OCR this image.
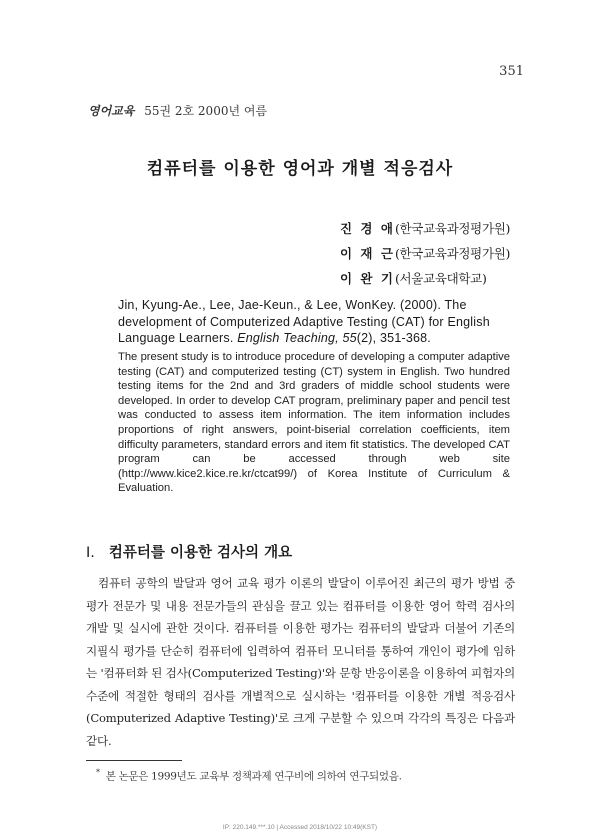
351
영어교육 55권 2호 2000년 여름
컴퓨터를 이용한 영어과 개별 적응검사
진 경 애(한국교육과정평가원)
이 재 근(한국교육과정평가원)
이 완 기(서울교육대학교)
Jin, Kyung-Ae., Lee, Jae-Keun., & Lee, WonKey. (2000). The development of Computerized Adaptive Testing (CAT) for English Language Learners. English Teaching, 55(2), 351-368.
The present study is to introduce procedure of developing a computer adaptive testing (CAT) and computerized testing (CT) system in English. Two hundred testing items for the 2nd and 3rd graders of middle school students were developed. In order to develop CAT program, preliminary paper and pencil test was conducted to assess item information. The item information includes proportions of right answers, point-biserial correlation coefficients, item difficulty parameters, standard errors and item fit statistics. The developed CAT program can be accessed through web site (http://www.kice2.kice.re.kr/ctcat99/) of Korea Institute of Curriculum & Evaluation.
I. 컴퓨터를 이용한 검사의 개요

컴퓨터 공학의 발달과 영어 교육 평가 이론의 발달이 이루어진 최근의 평가 방법 중 평가 전문가 및 내용 전문가들의 관심을 끌고 있는 컴퓨터를 이용한 영어 학력 검사의 개발 및 실시에 관한 것이다. 컴퓨터를 이용한 평가는 컴퓨터의 발달과 더불어 기존의 지필식 평가를 단순히 컴퓨터에 입력하여 컴퓨터 모니터를 통하여 개인이 평가에 임하는 '컴퓨터화 된 검사(Computerized Testing)'와 문항 반응이론을 이용하여 피험자의 수준에 적절한 형태의 검사를 개별적으로 실시하는 '컴퓨터를 이용한 개별 적응검사(Computerized Adaptive Testing)'로 크게 구분할 수 있으며 각각의 특징은 다음과 같다.

* 본 논문은 1999년도 교육부 정책과제 연구비에 의하여 연구되었음.
IP: 220.149.***.10 | Accessed 2018/10/22 10:49(KST)
